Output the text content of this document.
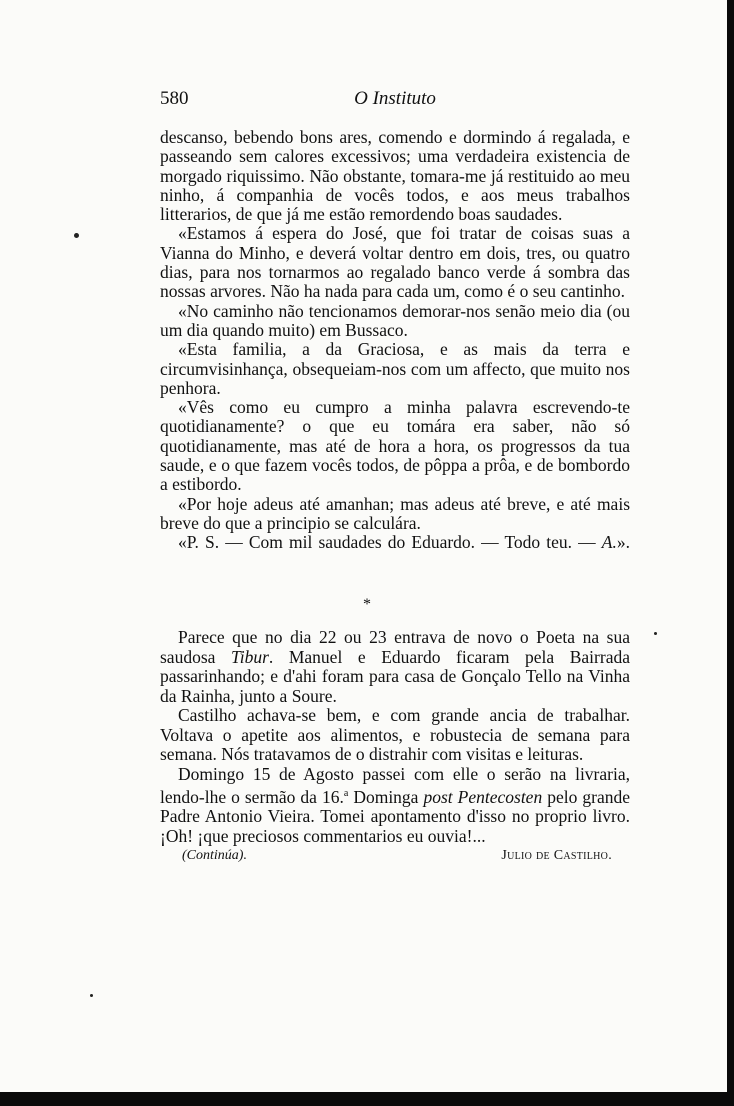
580	O Instituto

descanso, bebendo bons ares, comendo e dormindo á regalada, e passeando sem calores excessivos; uma verdadeira existencia de morgado riquissimo. Não obstante, tomara-me já restituido ao meu ninho, á companhia de vocês todos, e aos meus trabalhos litterarios, de que já me estão remordendo boas saudades.

«Estamos á espera do José, que foi tratar de coisas suas a Vianna do Minho, e deverá voltar dentro em dois, tres, ou quatro dias, para nos tornarmos ao regalado banco verde á sombra das nossas arvores. Não ha nada para cada um, como é o seu cantinho.

«No caminho não tencionamos demorar-nos senão meio dia (ou um dia quando muito) em Bussaco.

«Esta familia, a da Graciosa, e as mais da terra e circumvisinhança, obsequeiam-nos com um affecto, que muito nos penhora.

«Vês como eu cumpro a minha palavra escrevendo-te quotidianamente? o que eu tomára era saber, não só quotidianamente, mas até de hora a hora, os progressos da tua saude, e o que fazem vocês todos, de pôppa a prôa, e de bombordo a estibordo.

«Por hoje adeus até amanhan; mas adeus até breve, e até mais breve do que a principio se calculára.

«P. S. — Com mil saudades do Eduardo. — Todo teu. — A.».

*

Parece que no dia 22 ou 23 entrava de novo o Poeta na sua saudosa Tibur. Manuel e Eduardo ficaram pela Bairrada passarinhando; e d'ahi foram para casa de Gonçalo Tello na Vinha da Rainha, junto a Soure.

Castilho achava-se bem, e com grande ancia de trabalhar. Voltava o apetite aos alimentos, e robustecia de semana para semana. Nós tratavamos de o distrahir com visitas e leituras.

Domingo 15 de Agosto passei com elle o serão na livraria, lendo-lhe o sermão da 16.$^a$ Dominga post Pentecosten pelo grande Padre Antonio Vieira. Tomei apontamento d'isso no proprio livro. ¡Oh! ¡que preciosos commentarios eu ouvia!...

(Continúa).	Julio de Castilho.
